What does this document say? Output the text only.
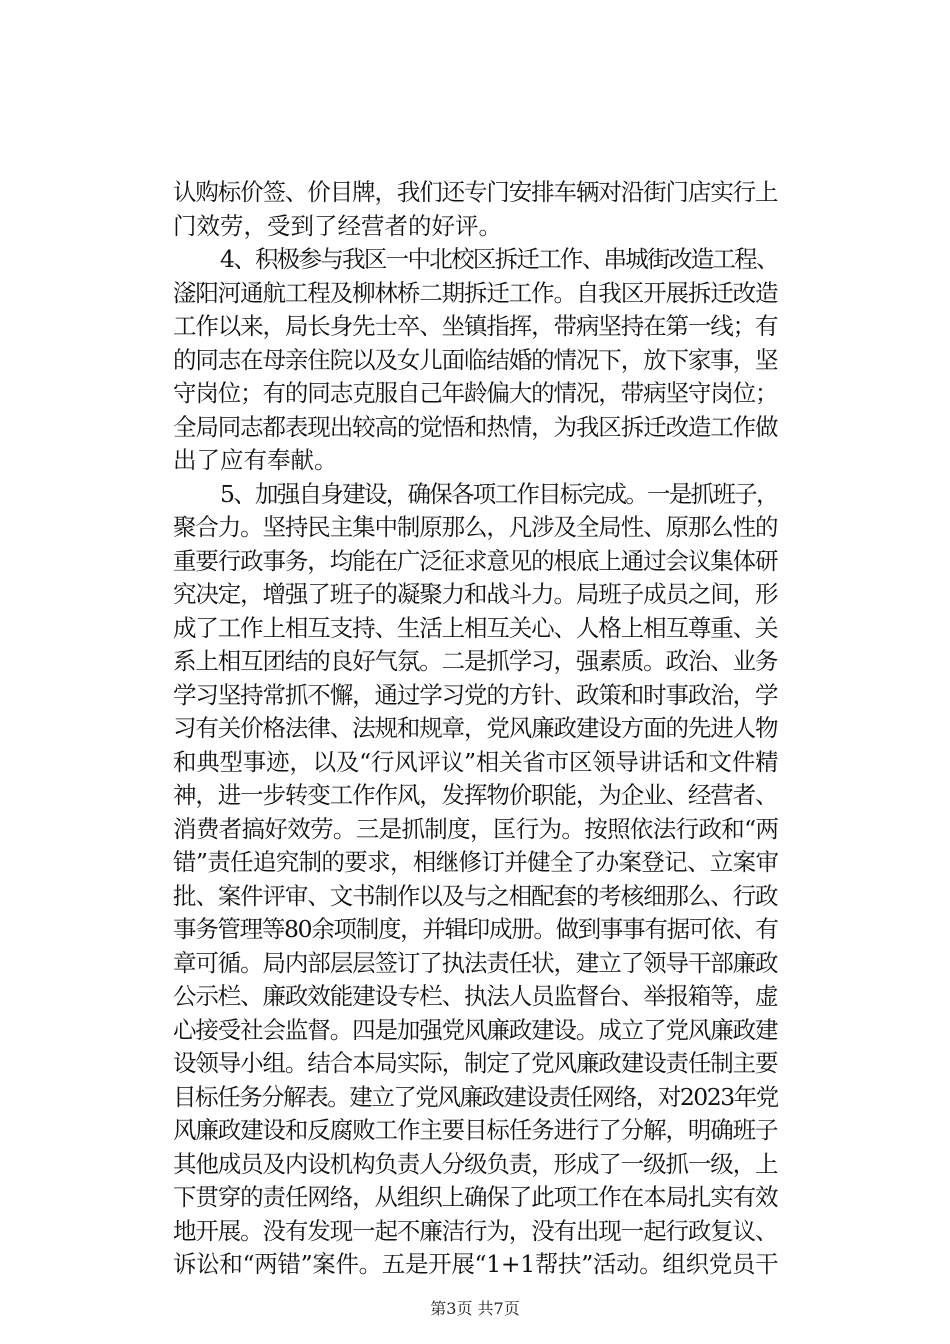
认购标价签、价目牌，我们还专门安排车辆对沿街门店实行上
门效劳，受到了经营者的好评。
4、积极参与我区一中北校区拆迁工作、串城街改造工程、
滏阳河通航工程及柳林桥二期拆迁工作。自我区开展拆迁改造
工作以来，局长身先士卒、坐镇指挥，带病坚持在第一线；有
的同志在母亲住院以及女儿面临结婚的情况下，放下家事，坚
守岗位；有的同志克服自己年龄偏大的情况，带病坚守岗位；
全局同志都表现出较高的觉悟和热情，为我区拆迁改造工作做
出了应有奉献。
5、加强自身建设，确保各项工作目标完成。一是抓班子，
聚合力。坚持民主集中制原那么，凡涉及全局性、原那么性的
重要行政事务，均能在广泛征求意见的根底上通过会议集体研
究决定，增强了班子的凝聚力和战斗力。局班子成员之间，形
成了工作上相互支持、生活上相互关心、人格上相互尊重、关
系上相互团结的良好气氛。二是抓学习，强素质。政治、业务
学习坚持常抓不懈，通过学习党的方针、政策和时事政治，学
习有关价格法律、法规和规章，党风廉政建设方面的先进人物
和典型事迹，以及“行风评议”相关省市区领导讲话和文件精
神，进一步转变工作作风，发挥物价职能，为企业、经营者、
消费者搞好效劳。三是抓制度，匡行为。按照依法行政和“两
错”责任追究制的要求，相继修订并健全了办案登记、立案审
批、案件评审、文书制作以及与之相配套的考核细那么、行政
事务管理等80余项制度，并辑印成册。做到事事有据可依、有
章可循。局内部层层签订了执法责任状，建立了领导干部廉政
公示栏、廉政效能建设专栏、执法人员监督台、举报箱等，虚
心接受社会监督。四是加强党风廉政建设。成立了党风廉政建
设领导小组。结合本局实际，制定了党风廉政建设责任制主要
目标任务分解表。建立了党风廉政建设责任网络，对2023年党
风廉政建设和反腐败工作主要目标任务进行了分解，明确班子
其他成员及内设机构负责人分级负责，形成了一级抓一级，上
下贯穿的责任网络，从组织上确保了此项工作在本局扎实有效
地开展。没有发现一起不廉洁行为，没有出现一起行政复议、
诉讼和“两错”案件。五是开展“1+1帮扶”活动。组织党员干
第3页 共7页
